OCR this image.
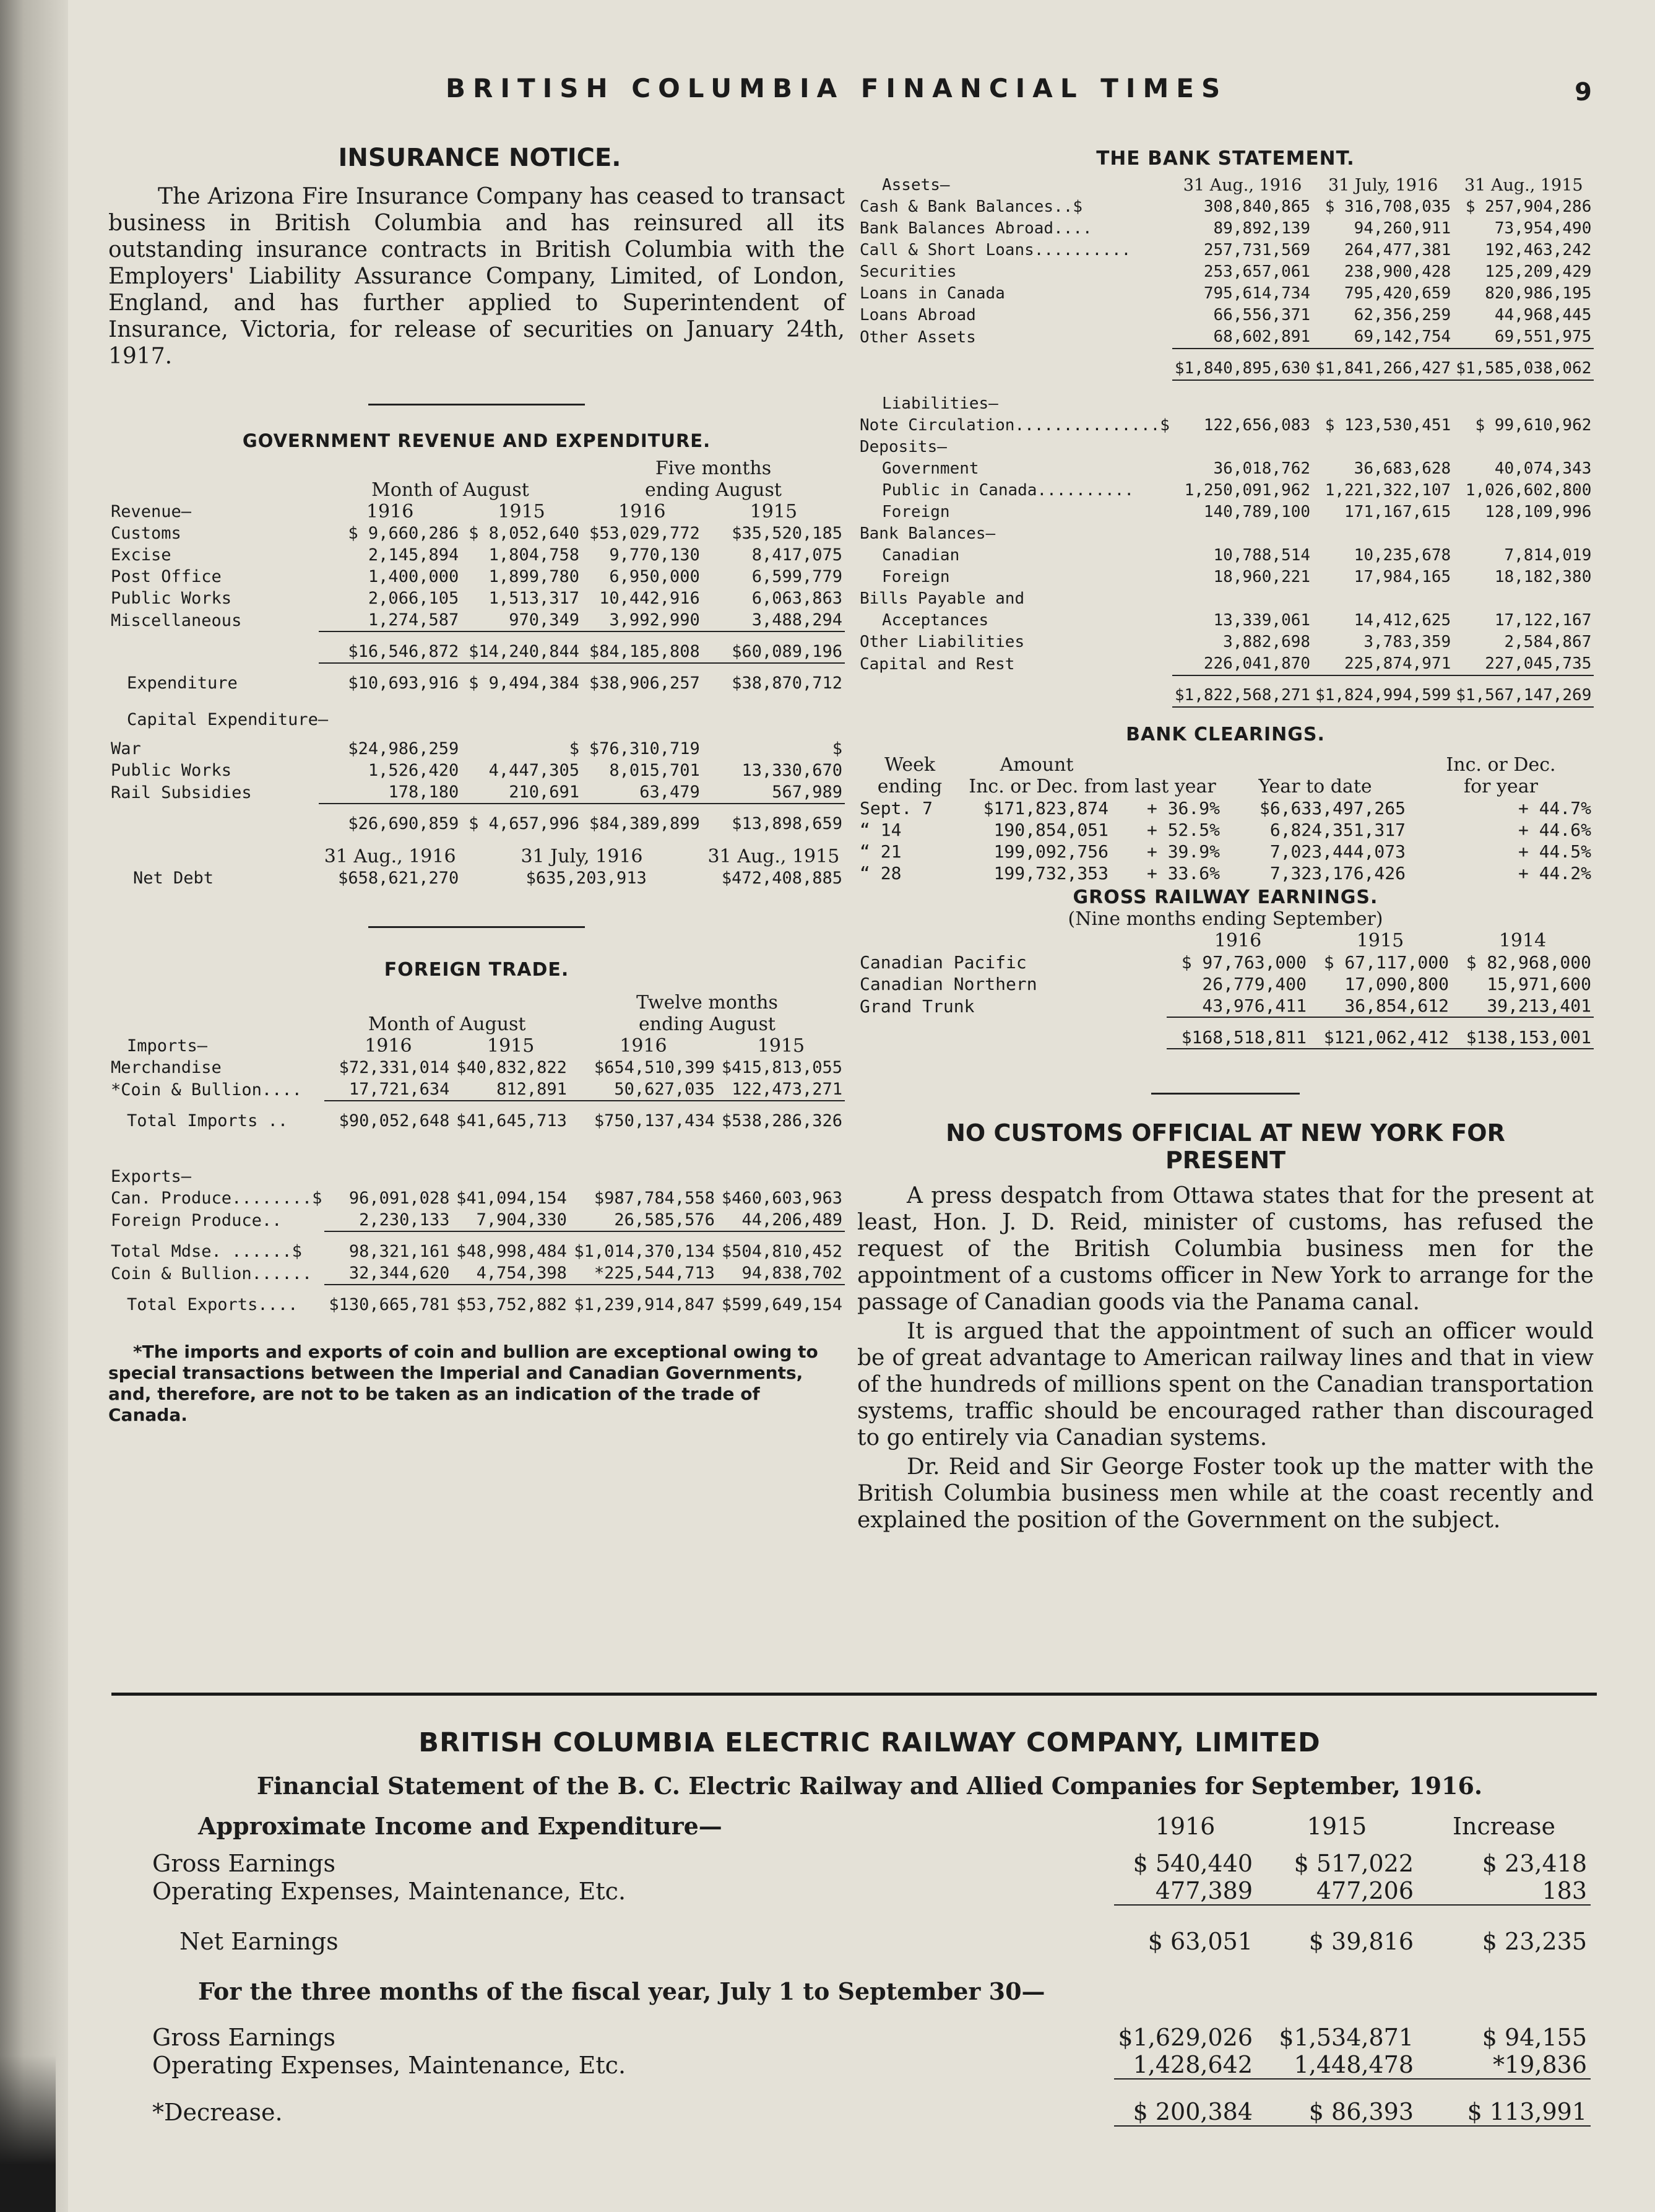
BRITISH COLUMBIA FINANCIAL TIMES	9
INSURANCE NOTICE.

The Arizona Fire Insurance Company has ceased to transact business in British Columbia and has reinsured all its outstanding insurance contracts in British Columbia with the Employers' Liability Assurance Company, Limited, of London, England, and has further applied to Superintendent of Insurance, Victoria, for release of securities on January 24th, 1917.

GOVERNMENT REVENUE AND EXPENDITURE.
			Five months	
	Month of August		ending August	
Revenue—	1916	1915	1916	1915
Customs	$ 9,660,286	$ 8,052,640	$53,029,772	$35,520,185
Excise	2,145,894	1,804,758	9,770,130	8,417,075
Post Office	1,400,000	1,899,780	6,950,000	6,599,779
Public Works	2,066,105	1,513,317	10,442,916	6,063,863
Miscellaneous	1,274,587	970,349	3,992,990	3,488,294
	$16,546,872	$14,240,844	$84,185,808	$60,089,196
Expenditure	$10,693,916	$ 9,494,384	$38,906,257	$38,870,712

Capital Expenditure—				

War	$24,986,259	$	$76,310,719	$
Public Works	1,526,420	4,447,305	8,015,701	13,330,670
Rail Subsidies	178,180	210,691	63,479	567,989
	$26,690,859	$ 4,657,996	$84,389,899	$13,898,659

	31 Aug., 1916	31 July, 1916		31 Aug., 1915
Net Debt	$658,621,270	$635,203,913		$472,408,885
FOREIGN TRADE.
			Twelve months	
	Month of August		ending August	
Imports—	1916	1915	1916	1915
Merchandise	$72,331,014	$40,832,822	$654,510,399	$415,813,055
*Coin & Bullion....	17,721,634	812,891	50,627,035	122,473,271
Total Imports ..	$90,052,648	$41,645,713	$750,137,434	$538,286,326

Exports—				
Can. Produce........$	96,091,028	$41,094,154	$987,784,558	$460,603,963
Foreign Produce..	2,230,133	7,904,330	26,585,576	44,206,489
Total Mdse. ......$	98,321,161	$48,998,484	$1,014,370,134	$504,810,452
Coin & Bullion......	32,344,620	4,754,398	*225,544,713	94,838,702
Total Exports....	$130,665,781	$53,752,882	$1,239,914,847	$599,649,154
*The imports and exports of coin and bullion are exceptional owing to special transactions between the Imperial and Canadian Governments, and, therefore, are not to be taken as an indication of the trade of Canada.
THE BANK STATEMENT.
Assets—	31 Aug., 1916	31 July, 1916	31 Aug., 1915
Cash & Bank Balances..$	308,840,865	$ 316,708,035	$ 257,904,286
Bank Balances Abroad....	89,892,139	94,260,911	73,954,490
Call & Short Loans..........	257,731,569	264,477,381	192,463,242
Securities	253,657,061	238,900,428	125,209,429
Loans in Canada	795,614,734	795,420,659	820,986,195
Loans Abroad	66,556,371	62,356,259	44,968,445
Other Assets	68,602,891	69,142,754	69,551,975
	$1,840,895,630	$1,841,266,427	$1,585,038,062

Liabilities—			
Note Circulation...............$	122,656,083	$ 123,530,451	$ 99,610,962
Deposits—			
Government	36,018,762	36,683,628	40,074,343
Public in Canada..........	1,250,091,962	1,221,322,107	1,026,602,800
Foreign	140,789,100	171,167,615	128,109,996
Bank Balances—			
Canadian	10,788,514	10,235,678	7,814,019
Foreign	18,960,221	17,984,165	18,182,380
Bills Payable and			
Acceptances	13,339,061	14,412,625	17,122,167
Other Liabilities	3,882,698	3,783,359	2,584,867
Capital and Rest	226,041,870	225,874,971	227,045,735
	$1,822,568,271	$1,824,994,599	$1,567,147,269
BANK CLEARINGS.
Week	Amount			Inc. or Dec.
ending	Inc. or Dec. from last year		Year to date	for year
Sept. 7	$171,823,874	+ 36.9%	$6,633,497,265	+ 44.7%
“ 14	190,854,051	+ 52.5%	6,824,351,317	+ 44.6%
“ 21	199,092,756	+ 39.9%	7,023,444,073	+ 44.5%
“ 28	199,732,353	+ 33.6%	7,323,176,426	+ 44.2%
GROSS RAILWAY EARNINGS.
(Nine months ending September)
	1916	1915	1914
Canadian Pacific	$ 97,763,000	$ 67,117,000	$ 82,968,000
Canadian Northern	26,779,400	17,090,800	15,971,600
Grand Trunk	43,976,411	36,854,612	39,213,401
	$168,518,811	$121,062,412	$138,153,001
NO CUSTOMS OFFICIAL AT NEW YORK FOR PRESENT

A press despatch from Ottawa states that for the present at least, Hon. J. D. Reid, minister of customs, has refused the request of the British Columbia business men for the appointment of a customs officer in New York to arrange for the passage of Canadian goods via the Panama canal.

It is argued that the appointment of such an officer would be of great advantage to American railway lines and that in view of the hundreds of millions spent on the Canadian transportation systems, traffic should be encouraged rather than discouraged to go entirely via Canadian systems.

Dr. Reid and Sir George Foster took up the matter with the British Columbia business men while at the coast recently and explained the position of the Government on the subject.

BRITISH COLUMBIA ELECTRIC RAILWAY COMPANY, LIMITED
Financial Statement of the B. C. Electric Railway and Allied Companies for September, 1916.
Approximate Income and Expenditure—	1916	1915	Increase

Gross Earnings	$ 540,440	$ 517,022	$ 23,418
Operating Expenses, Maintenance, Etc.	477,389	477,206	183

Net Earnings	$ 63,051	$ 39,816	$ 23,235

For the three months of the fiscal year, July 1 to September 30—			

Gross Earnings	$1,629,026	$1,534,871	$ 94,155
Operating Expenses, Maintenance, Etc.	1,428,642	1,448,478	*19,836

*Decrease.	$ 200,384	$ 86,393	$ 113,991
